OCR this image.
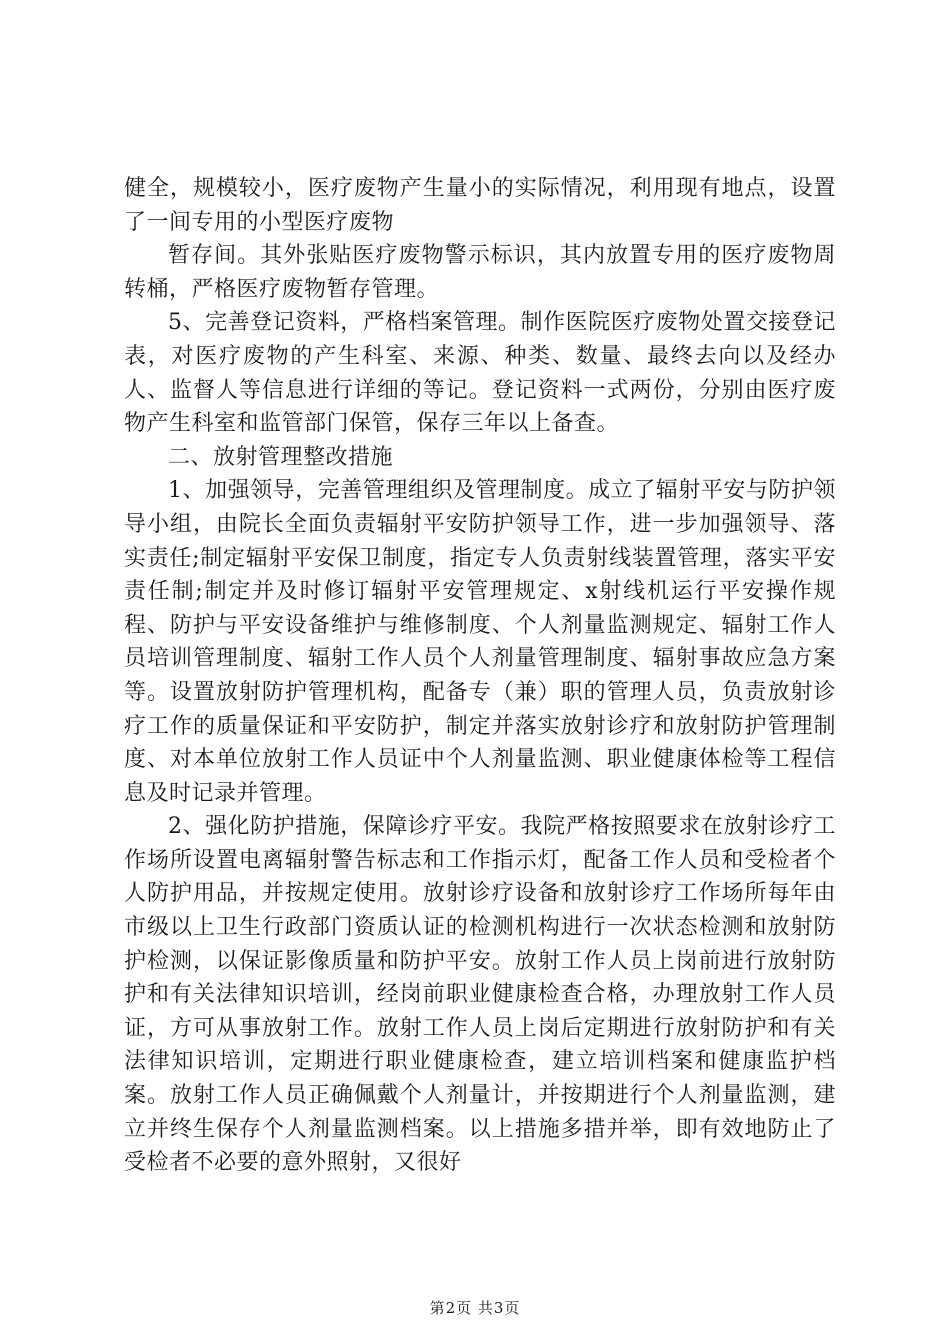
健全，规模较小，医疗废物产生量小的实际情况，利用现有地点，设置了一间专用的小型医疗废物

暂存间。其外张贴医疗废物警示标识，其内放置专用的医疗废物周转桶，严格医疗废物暂存管理。

5、完善登记资料，严格档案管理。制作医院医疗废物处置交接登记表，对医疗废物的产生科室、来源、种类、数量、最终去向以及经办人、监督人等信息进行详细的等记。登记资料一式两份，分别由医疗废物产生科室和监管部门保管，保存三年以上备查。

二、放射管理整改措施

1、加强领导，完善管理组织及管理制度。成立了辐射平安与防护领导小组，由院长全面负责辐射平安防护领导工作，进一步加强领导、落实责任;制定辐射平安保卫制度，指定专人负责射线装置管理，落实平安责任制;制定并及时修订辐射平安管理规定、x射线机运行平安操作规程、防护与平安设备维护与维修制度、个人剂量监测规定、辐射工作人员培训管理制度、辐射工作人员个人剂量管理制度、辐射事故应急方案等。设置放射防护管理机构，配备专（兼）职的管理人员，负责放射诊疗工作的质量保证和平安防护，制定并落实放射诊疗和放射防护管理制度、对本单位放射工作人员证中个人剂量监测、职业健康体检等工程信息及时记录并管理。

2、强化防护措施，保障诊疗平安。我院严格按照要求在放射诊疗工作场所设置电离辐射警告标志和工作指示灯，配备工作人员和受检者个人防护用品，并按规定使用。放射诊疗设备和放射诊疗工作场所每年由市级以上卫生行政部门资质认证的检测机构进行一次状态检测和放射防护检测，以保证影像质量和防护平安。放射工作人员上岗前进行放射防护和有关法律知识培训，经岗前职业健康检查合格，办理放射工作人员证，方可从事放射工作。放射工作人员上岗后定期进行放射防护和有关法律知识培训，定期进行职业健康检查，建立培训档案和健康监护档案。放射工作人员正确佩戴个人剂量计，并按期进行个人剂量监测，建立并终生保存个人剂量监测档案。以上措施多措并举，即有效地防止了受检者不必要的意外照射，又很好

第2页 共3页
